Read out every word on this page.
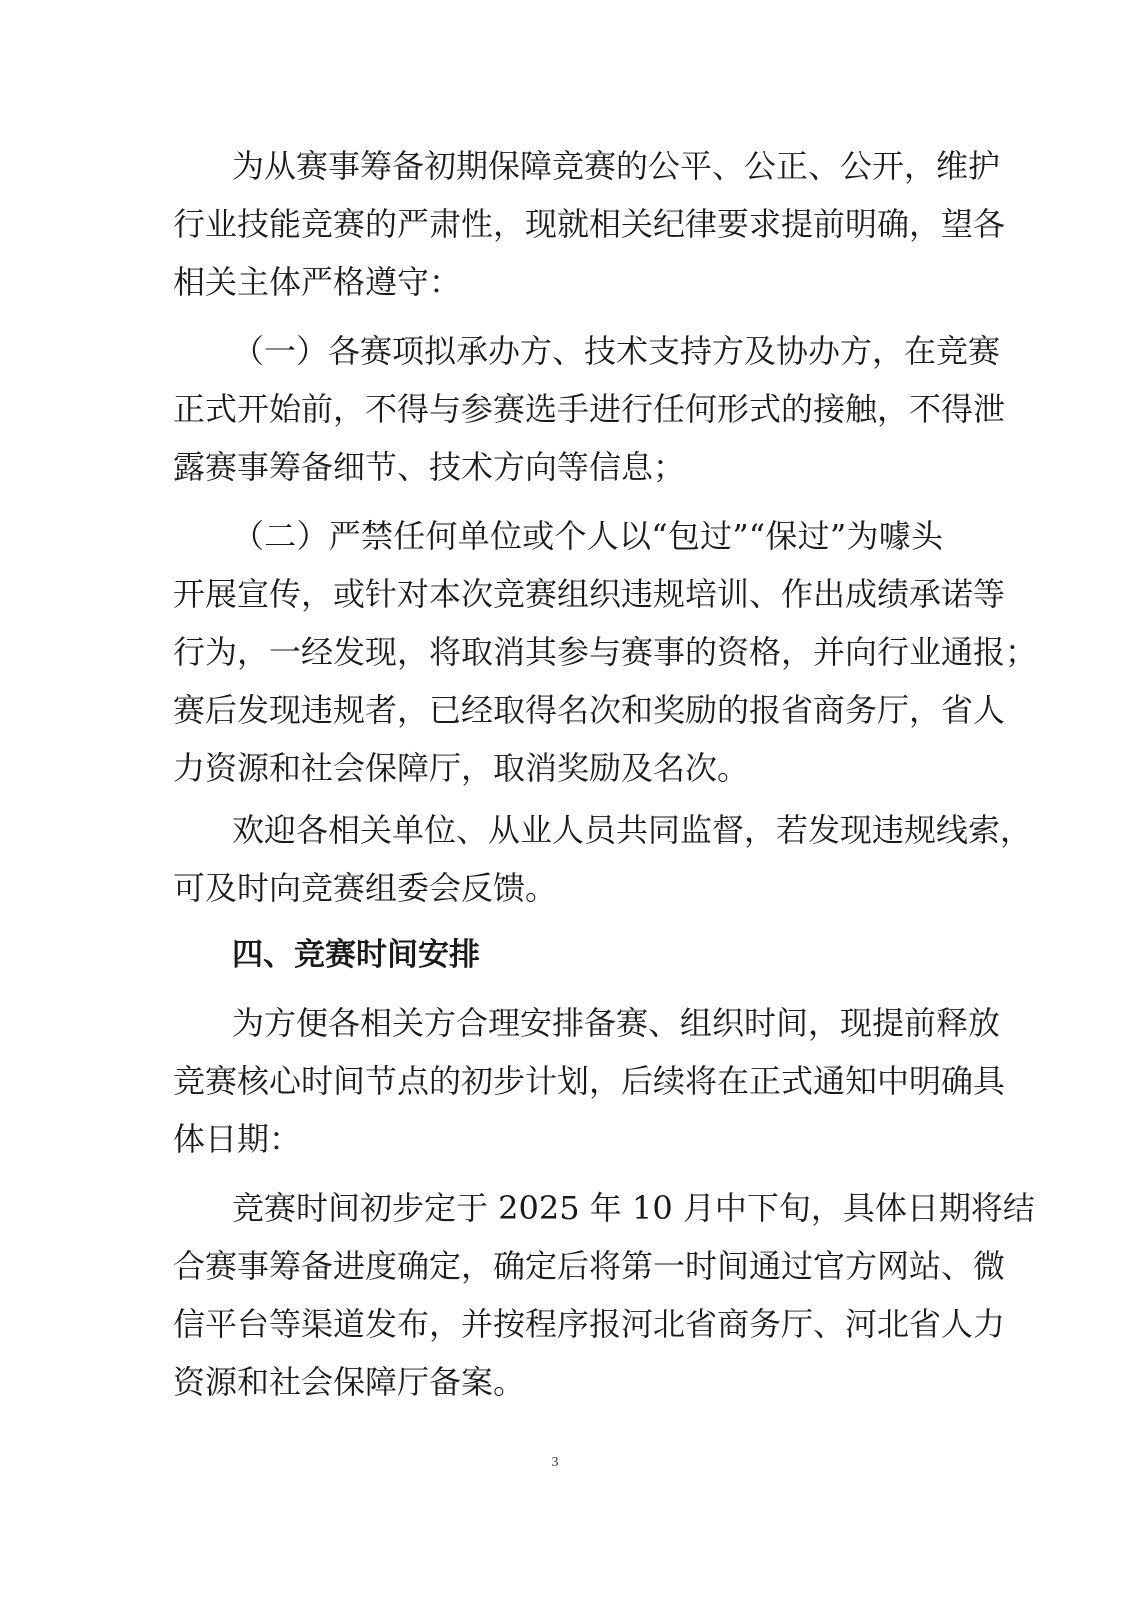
为从赛事筹备初期保障竞赛的公平、公正、公开，维护
行业技能竞赛的严肃性，现就相关纪律要求提前明确，望各
相关主体严格遵守：
（一）各赛项拟承办方、技术支持方及协办方，在竞赛
正式开始前，不得与参赛选手进行任何形式的接触，不得泄
露赛事筹备细节、技术方向等信息；
（二）严禁任何单位或个人以“包过”“保过”为噱头
开展宣传，或针对本次竞赛组织违规培训、作出成绩承诺等
行为，一经发现，将取消其参与赛事的资格，并向行业通报；
赛后发现违规者，已经取得名次和奖励的报省商务厅，省人
力资源和社会保障厅，取消奖励及名次。
欢迎各相关单位、从业人员共同监督，若发现违规线索，
可及时向竞赛组委会反馈。
四、竞赛时间安排
为方便各相关方合理安排备赛、组织时间，现提前释放
竞赛核心时间节点的初步计划，后续将在正式通知中明确具
体日期：
竞赛时间初步定于 2025 年 10 月中下旬，具体日期将结
合赛事筹备进度确定，确定后将第一时间通过官方网站、微
信平台等渠道发布，并按程序报河北省商务厅、河北省人力
资源和社会保障厅备案。
3
